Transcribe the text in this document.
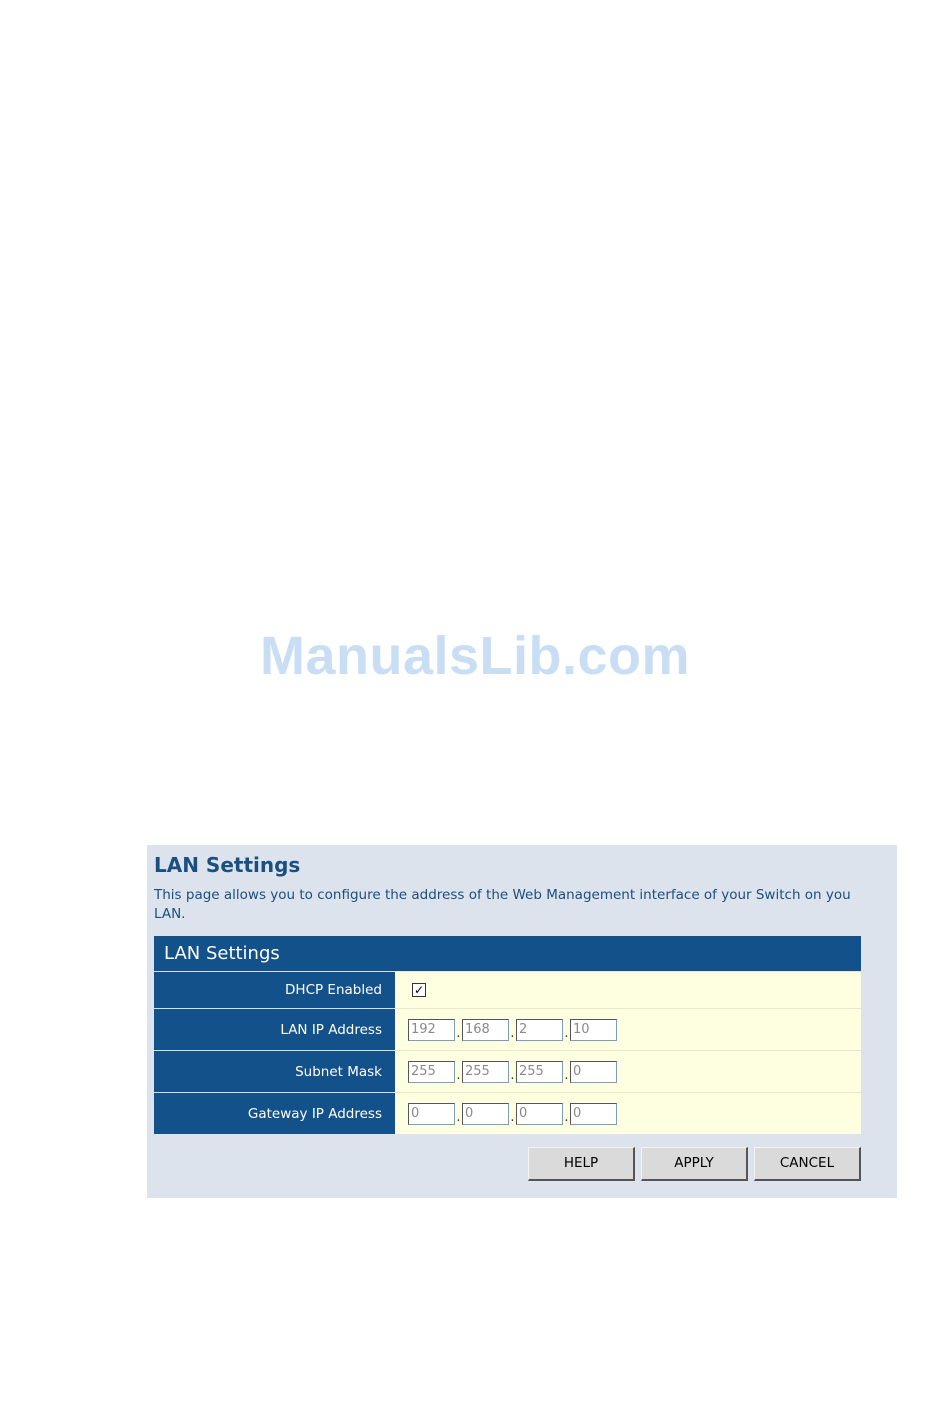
ManualsLib.com
LAN Settings
This page allows you to configure the address of the Web Management interface of your Switch on you LAN.
LAN Settings
DHCP Enabled	✓
LAN IP Address	192	. 168	. 2	. 10
Subnet Mask	255	. 255	. 255	. 0
Gateway IP Address	0	. 0	. 0	. 0
HELP	APPLY	CANCEL
